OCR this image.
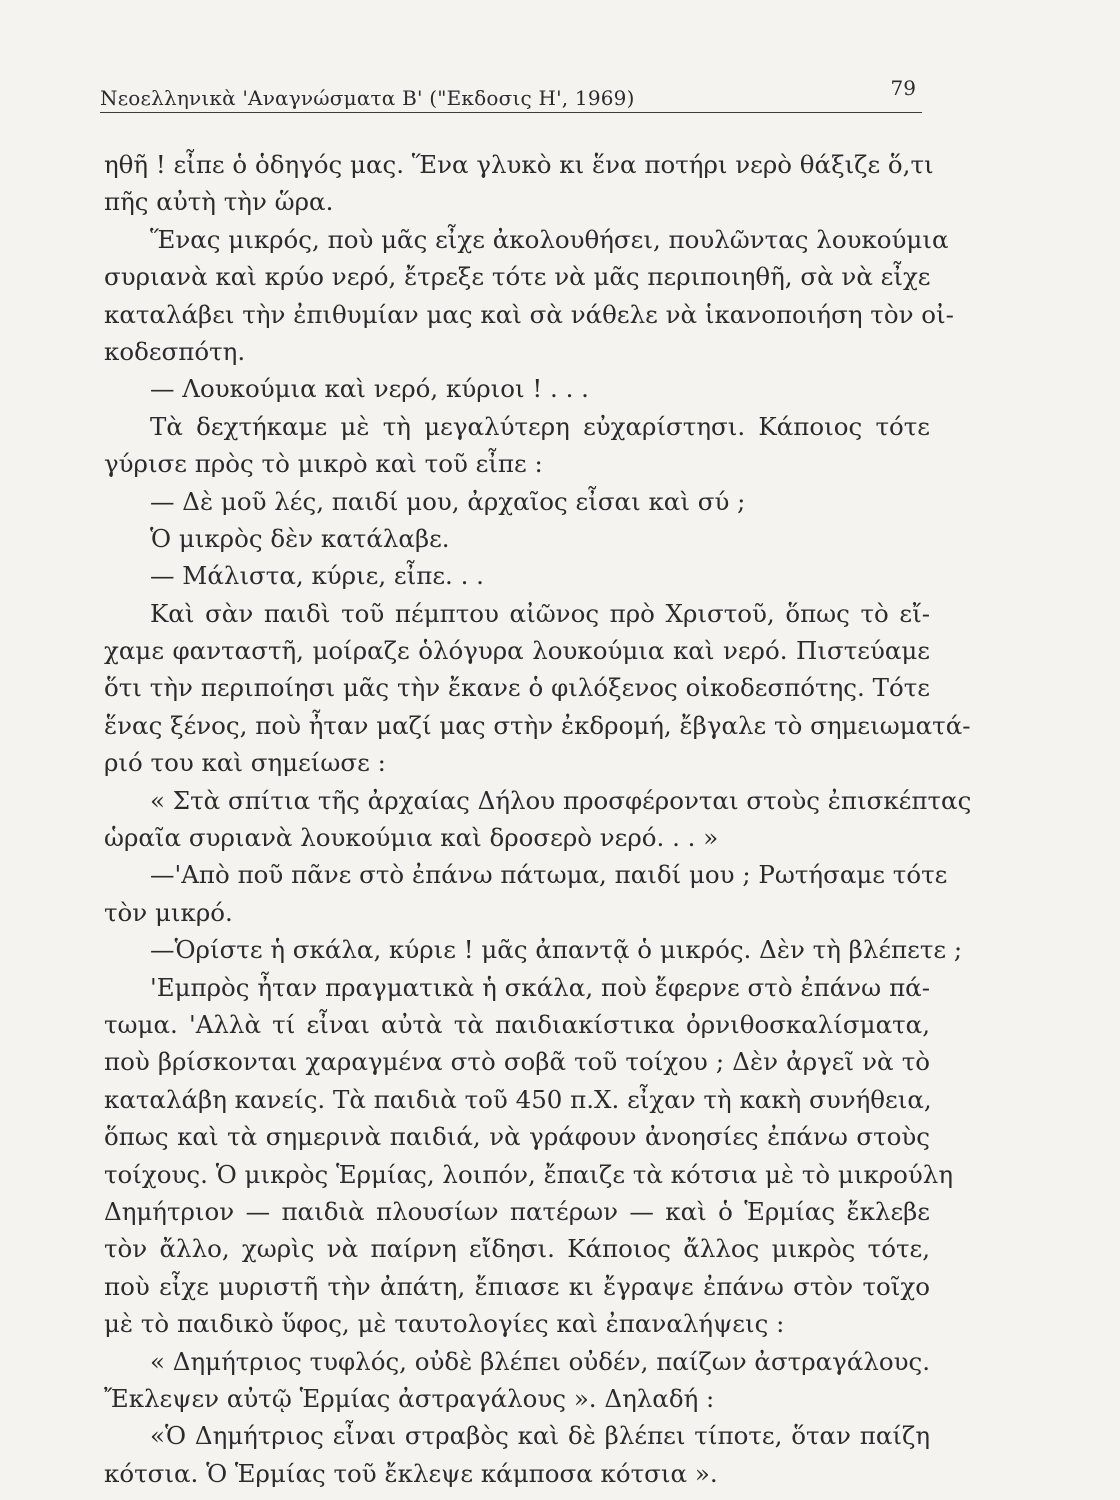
Νεοελληνικὰ 'Αναγνώσματα Β' ("Εκδοσις Η', 1969)	79
ηθῆ ! εἶπε ὁ ὁδηγός μας. Ἕνα γλυκὸ κι ἕνα ποτήρι νερὸ θάξιζε ὅ,τι
πῆς αὐτὴ τὴν ὥρα.
Ἕνας μικρός, ποὺ μᾶς εἶχε ἀκολουθήσει, πουλῶντας λουκούμια
συριανὰ καὶ κρύο νερό, ἔτρεξε τότε νὰ μᾶς περιποιηθῆ, σὰ νὰ εἶχε
καταλάβει τὴν ἐπιθυμίαν μας καὶ σὰ νάθελε νὰ ἱκανοποιήση τὸν οἰ-
κοδεσπότη.
— Λουκούμια καὶ νερό, κύριοι ! . . .
Τὰ δεχτήκαμε μὲ τὴ μεγαλύτερη εὐχαρίστησι. Κάποιος τότε
γύρισε πρὸς τὸ μικρὸ καὶ τοῦ εἶπε :
— Δὲ μοῦ λές, παιδί μου, ἀρχαῖος εἶσαι καὶ σύ ;
Ὁ μικρὸς δὲν κατάλαβε.
— Μάλιστα, κύριε, εἶπε. . .
Καὶ σὰν παιδὶ τοῦ πέμπτου αἰῶνος πρὸ Χριστοῦ, ὅπως τὸ εἴ-
χαμε φανταστῆ, μοίραζε ὁλόγυρα λουκούμια καὶ νερό. Πιστεύαμε
ὅτι τὴν περιποίησι μᾶς τὴν ἔκανε ὁ φιλόξενος οἰκοδεσπότης. Τότε
ἕνας ξένος, ποὺ ἦταν μαζί μας στὴν ἐκδρομή, ἔβγαλε τὸ σημειωματά-
ριό του καὶ σημείωσε :
« Στὰ σπίτια τῆς ἀρχαίας Δήλου προσφέρονται στοὺς ἐπισκέπτας
ὡραῖα συριανὰ λουκούμια καὶ δροσερὸ νερό. . . »
—'Απὸ ποῦ πᾶνε στὸ ἐπάνω πάτωμα, παιδί μου ; Ρωτήσαμε τότε
τὸν μικρό.
—Ὁρίστε ἡ σκάλα, κύριε ! μᾶς ἀπαντᾷ ὁ μικρός. Δὲν τὴ βλέπετε ;
'Εμπρὸς ἦταν πραγματικὰ ἡ σκάλα, ποὺ ἔφερνε στὸ ἐπάνω πά-
τωμα. 'Αλλὰ τί εἶναι αὐτὰ τὰ παιδιακίστικα ὀρνιθοσκαλίσματα,
ποὺ βρίσκονται χαραγμένα στὸ σοβᾶ τοῦ τοίχου ; Δὲν ἀργεῖ νὰ τὸ
καταλάβη κανείς. Τὰ παιδιὰ τοῦ 450 π.Χ. εἶχαν τὴ κακὴ συνήθεια,
ὅπως καὶ τὰ σημερινὰ παιδιά, νὰ γράφουν ἀνοησίες ἐπάνω στοὺς
τοίχους. Ὁ μικρὸς Ἑρμίας, λοιπόν, ἔπαιζε τὰ κότσια μὲ τὸ μικρούλη
Δημήτριον — παιδιὰ πλουσίων πατέρων — καὶ ὁ Ἑρμίας ἔκλεβε
τὸν ἄλλο, χωρὶς νὰ παίρνη εἴδησι. Κάποιος ἄλλος μικρὸς τότε,
ποὺ εἶχε μυριστῆ τὴν ἀπάτη, ἔπιασε κι ἔγραψε ἐπάνω στὸν τοῖχο
μὲ τὸ παιδικὸ ὕφος, μὲ ταυτολογίες καὶ ἐπαναλήψεις :
« Δημήτριος τυφλός, οὐδὲ βλέπει οὐδέν, παίζων ἀστραγάλους.
Ἔκλεψεν αὐτῷ Ἑρμίας ἀστραγάλους ». Δηλαδή :
«Ὁ Δημήτριος εἶναι στραβὸς καὶ δὲ βλέπει τίποτε, ὅταν παίζη
κότσια. Ὁ Ἑρμίας τοῦ ἔκλεψε κάμποσα κότσια ».
